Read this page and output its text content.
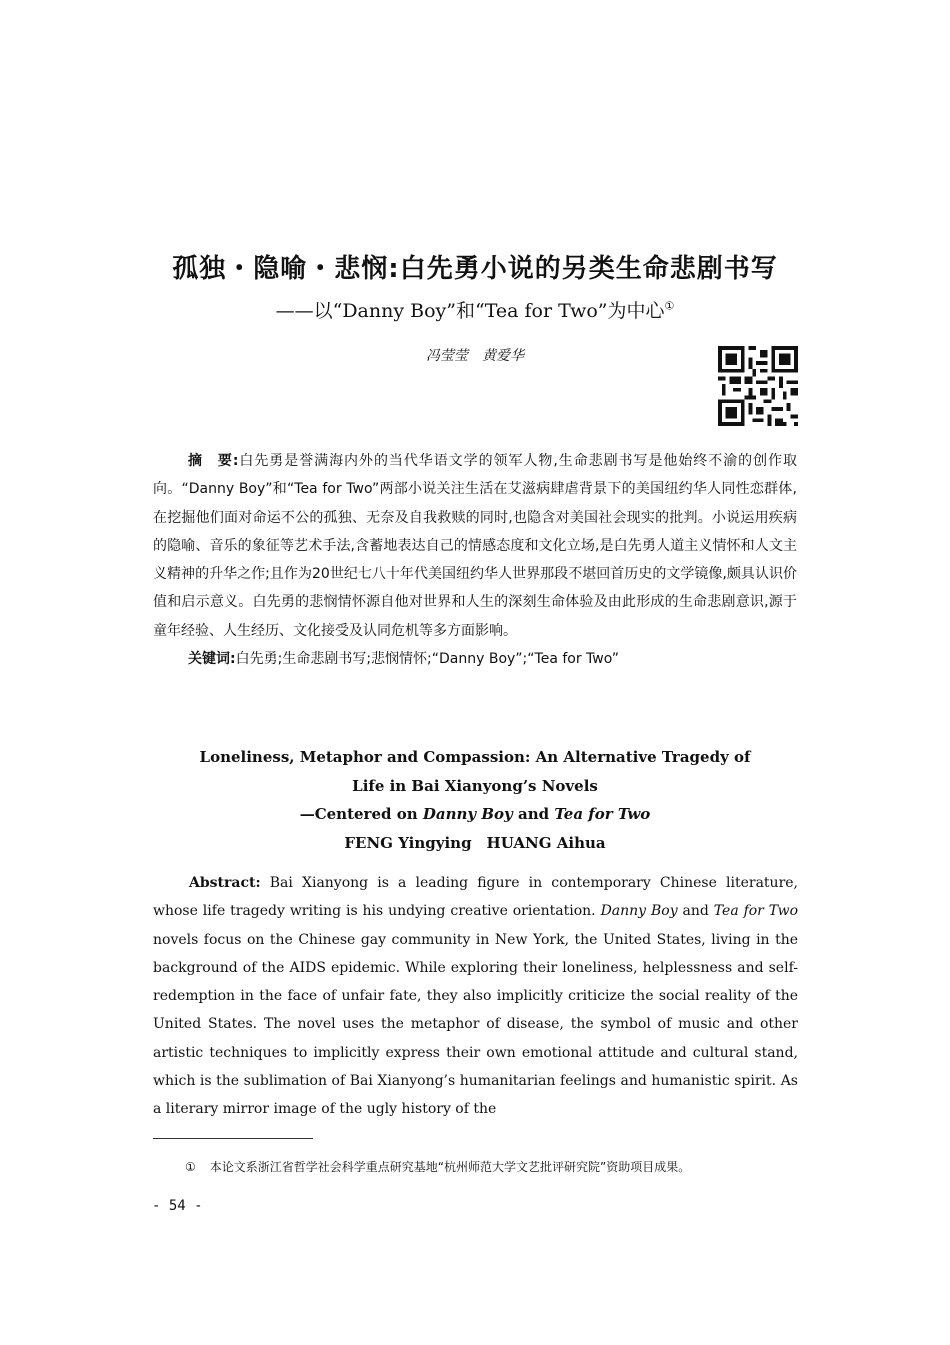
孤独・隐喻・悲悯:白先勇小说的另类生命悲剧书写

——以“Danny Boy”和“Tea for Two”为中心①

冯莹莹　黄爱华

摘　要:白先勇是誉满海内外的当代华语文学的领军人物,生命悲剧书写是他始终不渝的创作取向。“Danny Boy”和“Tea for Two”两部小说关注生活在艾滋病肆虐背景下的美国纽约华人同性恋群体,在挖掘他们面对命运不公的孤独、无奈及自我救赎的同时,也隐含对美国社会现实的批判。小说运用疾病的隐喻、音乐的象征等艺术手法,含蓄地表达自己的情感态度和文化立场,是白先勇人道主义情怀和人文主义精神的升华之作;且作为20世纪七八十年代美国纽约华人世界那段不堪回首历史的文学镜像,颇具认识价值和启示意义。白先勇的悲悯情怀源自他对世界和人生的深刻生命体验及由此形成的生命悲剧意识,源于童年经验、人生经历、文化接受及认同危机等多方面影响。

关键词:白先勇;生命悲剧书写;悲悯情怀;“Danny Boy”;“Tea for Two”

Loneliness, Metaphor and Compassion: An Alternative Tragedy of
Life in Bai Xianyong’s Novels
—Centered on Danny Boy and Tea for Two
FENG Yingying　HUANG Aihua
Abstract: Bai Xianyong is a leading figure in contemporary Chinese literature, whose life tragedy writing is his undying creative orientation. Danny Boy and Tea for Two novels focus on the Chinese gay community in New York, the United States, living in the background of the AIDS epidemic. While exploring their loneliness, helplessness and self-redemption in the face of unfair fate, they also implicitly criticize the social reality of the United States. The novel uses the metaphor of disease, the symbol of music and other artistic techniques to implicitly express their own emotional attitude and cultural stand, which is the sublimation of Bai Xianyong’s humanitarian feelings and humanistic spirit. As a literary mirror image of the ugly history of the
① 本论文系浙江省哲学社会科学重点研究基地“杭州师范大学文艺批评研究院”资助项目成果。
- 54 -
